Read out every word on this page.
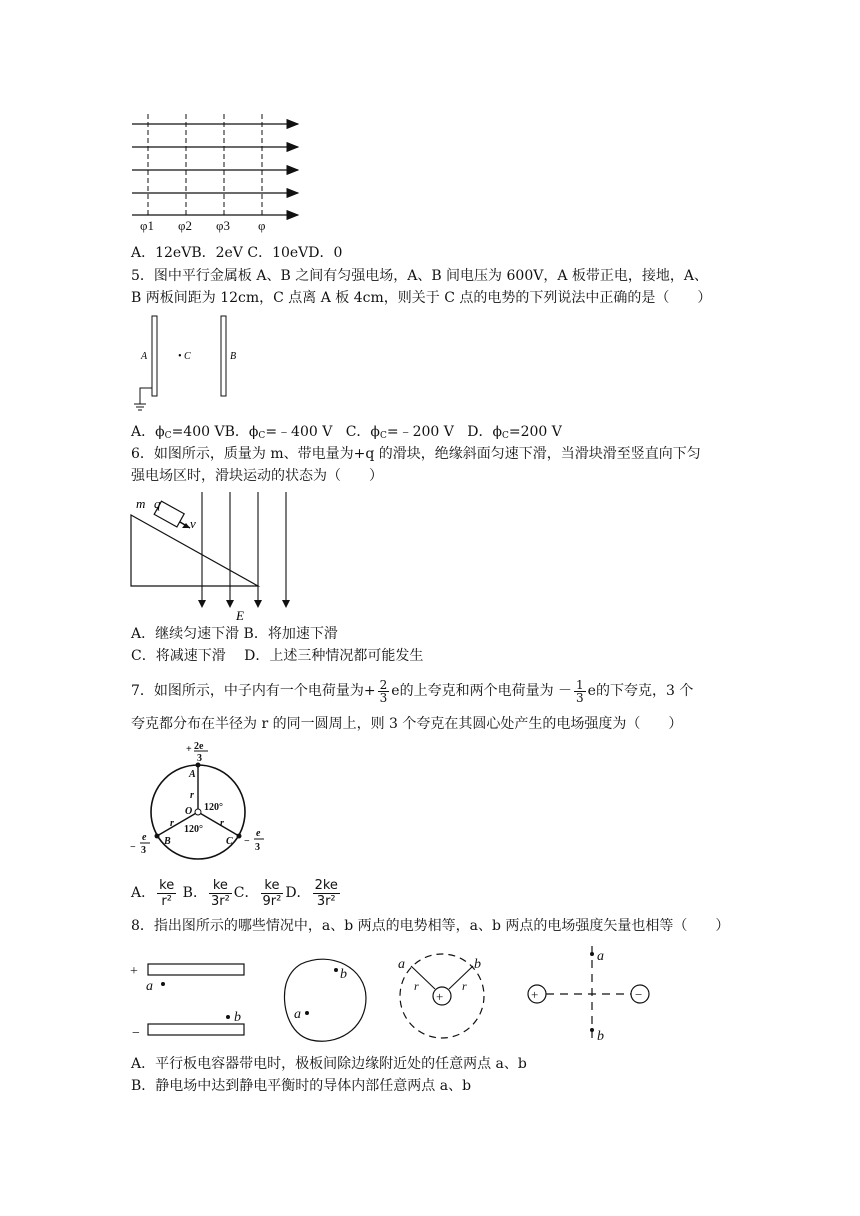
φ1 φ2 φ3 φ
A．12eVB．2eV C．10eVD．0
5．图中平行金属板 A、B 之间有匀强电场，A、B 间电压为 600V，A 板带正电，接地，A、
B 两板间距为 12cm，C 点离 A 板 4cm，则关于 C 点的电势的下列说法中正确的是（　　）
A	• C	B
A．$\phi_C=400$ VB．$\phi_C=﹣400$ V C．$\phi_C=﹣200$ V D．$\phi_C=200$ V
6．如图所示，质量为 m、带电量为+q 的滑块，绝缘斜面匀速下滑，当滑块滑至竖直向下匀
强电场区时，滑块运动的状态为（　　）
m q
v
E
A．继续匀速下滑 B．将加速下滑
C．将减速下滑　 D．上述三种情况都可能发生
7．如图所示，中子内有一个电荷量为+ $\frac{2}{3}$ e的上夸克和两个电荷量为 － $\frac{1}{3}$ e的下夸克，3 个
夸克都分布在半径为 r 的同一圆周上，则 3 个夸克在其圆心处产生的电场强度为（　　）
+ 2e
3
A
r
O 120°
120°
r	r
B	C
−
e
3
−
e
3
A． $\frac{ke}{\text{r²}}$ B． $\frac{ke}{\text{3r²}}$ C． $\frac{ke}{\text{9r²}}$ D． $\frac{2ke}{\text{3r²}}$
8．指出图所示的哪些情况中，a、b 两点的电势相等，a、b 两点的电场强度矢量也相等（　　）
+
−
a
b
b
a
+
a	b
r	r
+	−
a
b
A．平行板电容器带电时，极板间除边缘附近处的任意两点 a、b
B．静电场中达到静电平衡时的导体内部任意两点 a、b
